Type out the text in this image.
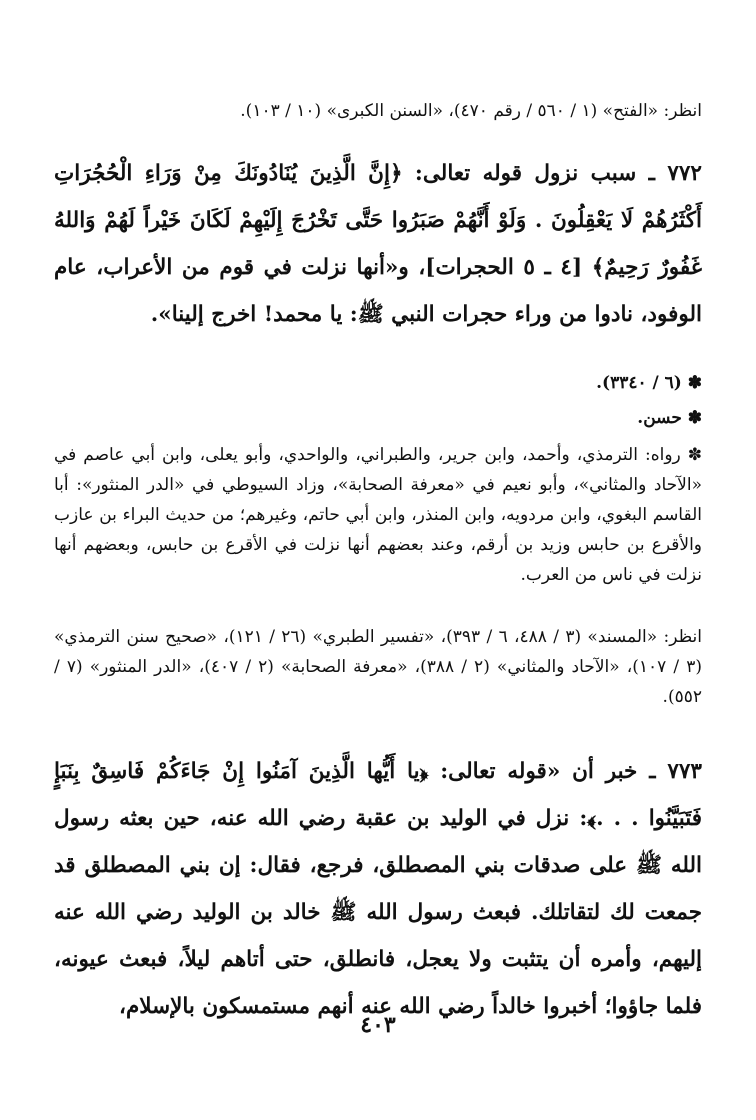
انظر: «الفتح» (١ / ٥٦٠ / رقم ٤٧٠)، «السنن الكبرى» (١٠ / ١٠٣).

٧٧٢ ـ سبب نزول قوله تعالى: ﴿إِنَّ الَّذِينَ يُنَادُونَكَ مِنْ وَرَاءِ الْحُجُرَاتِ أَكْثَرُهُمْ لَا يَعْقِلُونَ . وَلَوْ أَنَّهُمْ صَبَرُوا حَتَّى تَخْرُجَ إِلَيْهِمْ لَكَانَ خَيْراً لَهُمْ وَاللهُ غَفُورٌ رَحِيمٌ﴾ [٤ ـ ٥ الحجرات]، و«أنها نزلت في قوم من الأعراب، عام الوفود، نادوا من وراء حجرات النبي ﷺ: يا محمد! اخرج إلينا».

✽ (٦ / ٣٣٤٠).

✽ حسن.

✽ رواه: الترمذي، وأحمد، وابن جرير، والطبراني، والواحدي، وأبو يعلى، وابن أبي عاصم في «الآحاد والمثاني»، وأبو نعيم في «معرفة الصحابة»، وزاد السيوطي في «الدر المنثور»: أبا القاسم البغوي، وابن مردويه، وابن المنذر، وابن أبي حاتم، وغيرهم؛ من حديث البراء بن عازب والأقرع بن حابس وزيد بن أرقم، وعند بعضهم أنها نزلت في الأقرع بن حابس، وبعضهم أنها نزلت في ناس من العرب.

انظر: «المسند» (٣ / ٤٨٨، ٦ / ٣٩٣)، «تفسير الطبري» (٢٦ / ١٢١)، «صحيح سنن الترمذي» (٣ / ١٠٧)، «الآحاد والمثاني» (٢ / ٣٨٨)، «معرفة الصحابة» (٢ / ٤٠٧)، «الدر المنثور» (٧ / ٥٥٢).

٧٧٣ ـ خبر أن «قوله تعالى: ﴿يا أَيُّها الَّذِينَ آمَنُوا إِنْ جَاءَكُمْ فَاسِقٌ بِنَبَإٍ فَتَبَيَّنُوا . . .﴾: نزل في الوليد بن عقبة رضي الله عنه، حين بعثه رسول الله ﷺ على صدقات بني المصطلق، فرجع، فقال: إن بني المصطلق قد جمعت لك لتقاتلك. فبعث رسول الله ﷺ خالد بن الوليد رضي الله عنه إليهم، وأمره أن يتثبت ولا يعجل، فانطلق، حتى أتاهم ليلاً، فبعث عيونه، فلما جاؤوا؛ أخبروا خالداً رضي الله عنه أنهم مستمسكون بالإسلام،

٤٠٣
